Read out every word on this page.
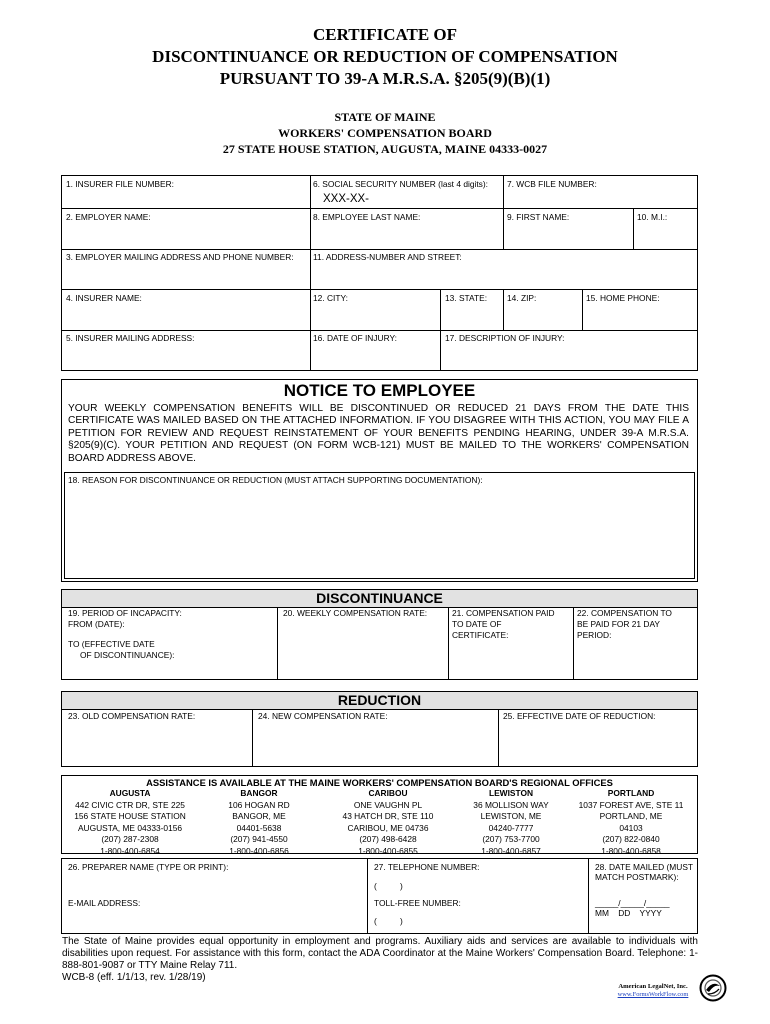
CERTIFICATE OF
DISCONTINUANCE OR REDUCTION OF COMPENSATION
PURSUANT TO 39-A M.R.S.A. §205(9)(B)(1)
STATE OF MAINE
WORKERS' COMPENSATION BOARD
27 STATE HOUSE STATION, AUGUSTA, MAINE 04333-0027
1. INSURER FILE NUMBER:	6. SOCIAL SECURITY NUMBER (last 4 digits):
XXX-XX-
7. WCB FILE NUMBER:
2. EMPLOYER NAME:	8. EMPLOYEE LAST NAME:	9. FIRST NAME:	10. M.I.:
3. EMPLOYER MAILING ADDRESS AND PHONE NUMBER: 11. ADDRESS-NUMBER AND STREET:
4. INSURER NAME:	12. CITY:	13. STATE: 14. ZIP:	15. HOME PHONE:
5. INSURER MAILING ADDRESS:	16. DATE OF INJURY:	17. DESCRIPTION OF INJURY:
NOTICE TO EMPLOYEE
YOUR WEEKLY COMPENSATION BENEFITS WILL BE DISCONTINUED OR REDUCED 21 DAYS FROM THE DATE THIS CERTIFICATE WAS MAILED BASED ON THE ATTACHED INFORMATION. IF YOU DISAGREE WITH THIS ACTION, YOU MAY FILE A PETITION FOR REVIEW AND REQUEST REINSTATEMENT OF YOUR BENEFITS PENDING HEARING, UNDER 39-A M.R.S.A. §205(9)(C). YOUR PETITION AND REQUEST (ON FORM WCB-121) MUST BE MAILED TO THE WORKERS' COMPENSATION BOARD ADDRESS ABOVE.
18. REASON FOR DISCONTINUANCE OR REDUCTION (MUST ATTACH SUPPORTING DOCUMENTATION):
DISCONTINUANCE
19. PERIOD OF INCAPACITY:
FROM (DATE):
TO (EFFECTIVE DATE
OF DISCONTINUANCE):
20. WEEKLY COMPENSATION RATE:	21. COMPENSATION PAID
TO DATE OF
CERTIFICATE:
22. COMPENSATION TO
BE PAID FOR 21 DAY
PERIOD:
REDUCTION
23. OLD COMPENSATION RATE:	24. NEW COMPENSATION RATE:	25. EFFECTIVE DATE OF REDUCTION:
ASSISTANCE IS AVAILABLE AT THE MAINE WORKERS' COMPENSATION BOARD'S REGIONAL OFFICES
AUGUSTA
442 CIVIC CTR DR, STE 225
156 STATE HOUSE STATION
AUGUSTA, ME 04333-0156
(207) 287-2308
1-800-400-6854
BANGOR
106 HOGAN RD
BANGOR, ME
04401-5638
(207) 941-4550
1-800-400-6856
CARIBOU
ONE VAUGHN PL
43 HATCH DR, STE 110
CARIBOU, ME 04736
(207) 498-6428
1-800-400-6855
LEWISTON
36 MOLLISON WAY
LEWISTON, ME
04240-7777
(207) 753-7700
1-800-400-6857
PORTLAND
1037 FOREST AVE, STE 11
PORTLAND, ME
04103
(207) 822-0840
1-800-400-6858
26. PREPARER NAME (TYPE OR PRINT):
E-MAIL ADDRESS:
27. TELEPHONE NUMBER:
(          )
TOLL-FREE NUMBER:
(          )
28. DATE MAILED (MUST
MATCH POSTMARK):
_____/_____/_____
MM    DD    YYYY
The State of Maine provides equal opportunity in employment and programs. Auxiliary aids and services are available to individuals with disabilities upon request. For assistance with this form, contact the ADA Coordinator at the Maine Workers' Compensation Board. Telephone: 1-888-801-9087 or TTY Maine Relay 711.
WCB-8 (eff. 1/1/13, rev. 1/28/19)
American LegalNet, Inc.
www.FormsWorkFlow.com
